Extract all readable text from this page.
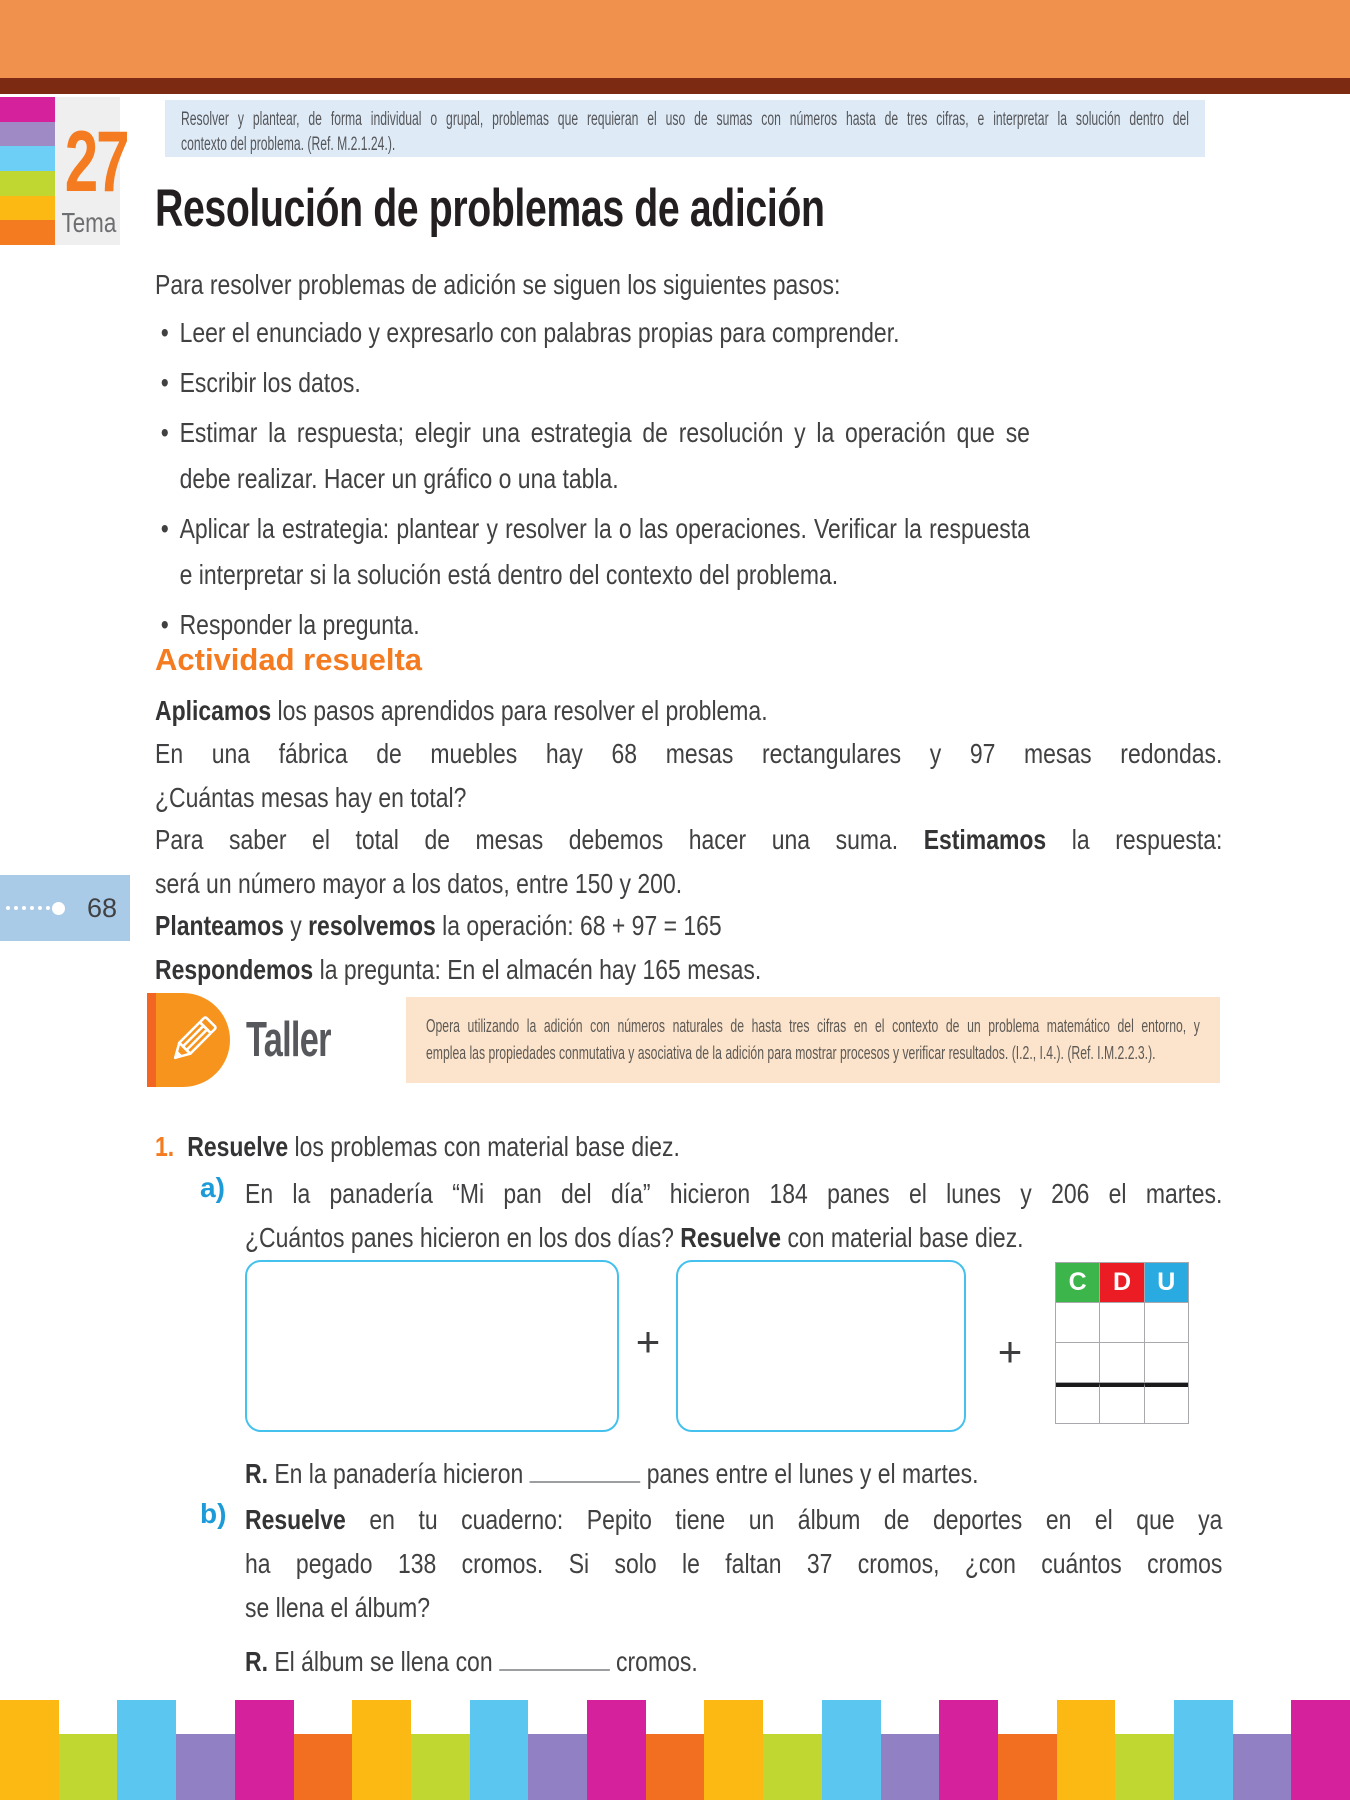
27
Tema
Resolver y plantear, de forma individual o grupal, problemas que requieran el uso de sumas con números hasta de tres cifras, e interpretar la solución dentro del
contexto del problema. (Ref. M.2.1.24.).
Resolución de problemas de adición
Para resolver problemas de adición se siguen los siguientes pasos:
• Leer el enunciado y expresarlo con palabras propias para comprender.
• Escribir los datos.
• Estimar la respuesta; elegir una estrategia de resolución y la operación que se
debe realizar. Hacer un gráfico o una tabla.
• Aplicar la estrategia: plantear y resolver la o las operaciones. Verificar la respuesta
e interpretar si la solución está dentro del contexto del problema.
• Responder la pregunta.
Actividad resuelta
Aplicamos los pasos aprendidos para resolver el problema.
En una fábrica de muebles hay 68 mesas rectangulares y 97 mesas redondas.
¿Cuántas mesas hay en total?
Para saber el total de mesas debemos hacer una suma. Estimamos la respuesta:
será un número mayor a los datos, entre 150 y 200.
Planteamos y resolvemos la operación: 68 + 97 = 165
Respondemos la pregunta: En el almacén hay 165 mesas.
68
Taller	Opera utilizando la adición con números naturales de hasta tres cifras en el contexto de un problema matemático del entorno, y
emplea las propiedades conmutativa y asociativa de la adición para mostrar procesos y verificar resultados. (I.2., I.4.). (Ref. I.M.2.2.3.).
1. Resuelve los problemas con material base diez.
a) En la panadería “Mi pan del día” hicieron 184 panes el lunes y 206 el martes.
¿Cuántos panes hicieron en los dos días? Resuelve con material base diez.
+	+
C	D	U
R. En la panadería hicieron	panes entre el lunes y el martes.
b) Resuelve en tu cuaderno: Pepito tiene un álbum de deportes en el que ya
ha pegado 138 cromos. Si solo le faltan 37 cromos, ¿con cuántos cromos
se llena el álbum?
R. El álbum se llena con	cromos.
